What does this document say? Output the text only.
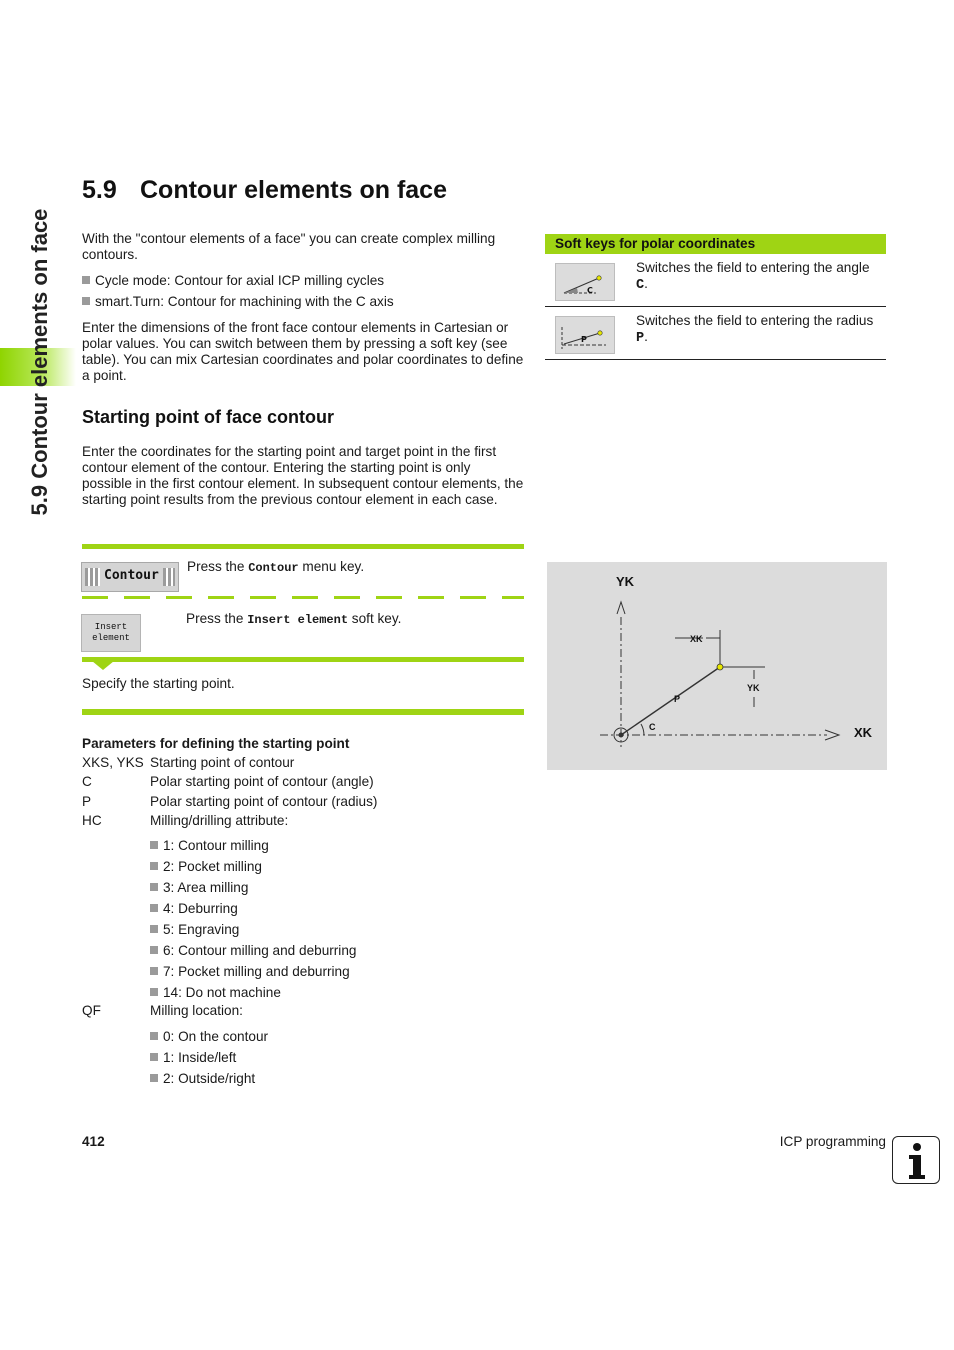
5.9 Contour elements on face
5.9 Contour elements on face
With the "contour elements of a face" you can create complex milling contours.
Cycle mode: Contour for axial ICP milling cycles
smart.Turn: Contour for machining with the C axis
Enter the dimensions of the front face contour elements in Cartesian or polar values. You can switch between them by pressing a soft key (see table). You can mix Cartesian coordinates and polar coordinates to define a point.
Starting point of face contour
Enter the coordinates for the starting point and target point in the first contour element of the contour. Entering the starting point is only possible in the first contour element. In subsequent contour elements, the starting point results from the previous contour element in each case.
Contour
Press the Contour menu key.
Insert
element
Press the Insert element soft key.
Specify the starting point.
Parameters for defining the starting point
XKS, YKS Starting point of contour
C	Polar starting point of contour (angle)
P	Polar starting point of contour (radius)
HC	Milling/drilling attribute:
1: Contour milling
2: Pocket milling
3: Area milling
4: Deburring
5: Engraving
6: Contour milling and deburring
7: Pocket milling and deburring
14: Do not machine
QF	Milling location:
0: On the contour
1: Inside/left
2: Outside/right
Soft keys for polar coordinates
C
Switches the field to entering the angle C.
P
Switches the field to entering the radius P.
YK
XK
XK
YK
P
C
412	ICP programming
